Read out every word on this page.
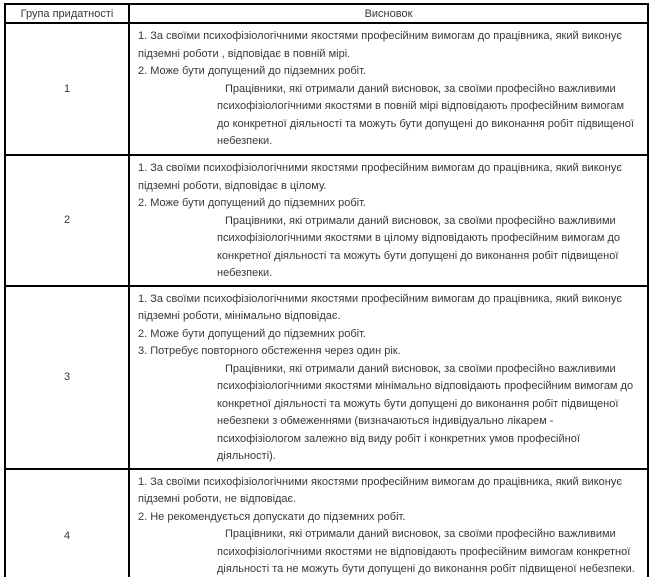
Група придатності	Висновок
1	1. За своїми психофізіологічними якостями професійним вимогам до працівника, який виконує підземні роботи , відповідає в повній мірі.
2. Може бути допущений до підземних робіт.
Працівники, які отримали даний висновок, за своїми професійно важливими психофізіологічними якостями в повній мірі відповідають професійним вимогам до конкретної діяльності та можуть бути допущені до виконання робіт підвищеної небезпеки.

2	1. За своїми психофізіологічними якостями професійним вимогам до працівника, який виконує підземні роботи, відповідає в цілому.
2. Може бути допущений до підземних робіт.
Працівники, які отримали даний висновок, за своїми професійно важливими психофізіологічними якостями в цілому відповідають професійним вимогам до конкретної діяльності та можуть бути допущені до виконання робіт підвищеної небезпеки.

3	1. За своїми психофізіологічними якостями професійним вимогам до працівника, який виконує підземні роботи, мінімально відповідає.
2. Може бути допущений до підземних робіт.
3. Потребує повторного обстеження через один рік.
Працівники, які отримали даний висновок, за своїми професійно важливими психофізіологічними якостями мінімально відповідають професійним вимогам до конкретної діяльності та можуть бути допущені до виконання робіт підвищеної небезпеки з обмеженнями (визначаються індивідуально лікарем - психофізіологом залежно від виду робіт і конкретних умов професійної діяльності).

4	1. За своїми психофізіологічними якостями професійним вимогам до працівника, який виконує підземні роботи, не відповідає.
2. Не рекомендується допускати до підземних робіт.
Працівники, які отримали даний висновок, за своїми професійно важливими психофізіологічними якостями не відповідають професійним вимогам конкретної діяльності та не можуть бути допущені до виконання робіт підвищеної небезпеки.
